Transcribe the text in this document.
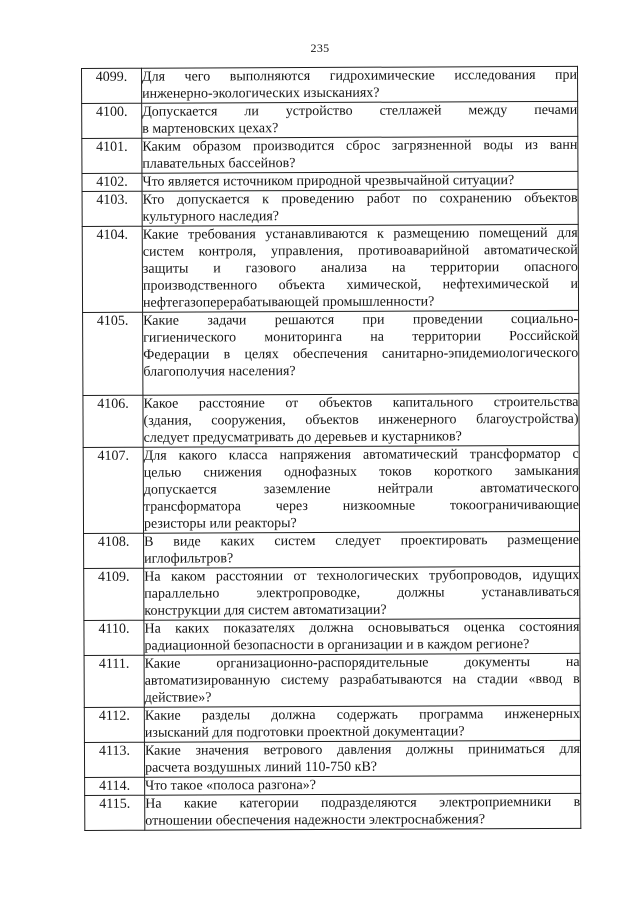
235
4099.	Для чего выполняются гидрохимические исследования при
инженерно-экологических изысканиях?

4100.	Допускается ли устройство стеллажей между печами
в мартеновских цехах?

4101.	Каким образом производится сброс загрязненной воды из ванн
плавательных бассейнов?

4102.	Что является источником природной чрезвычайной ситуации?

4103.	Кто допускается к проведению работ по сохранению объектов
культурного наследия?

4104.	Какие требования устанавливаются к размещению помещений для
систем контроля, управления, противоаварийной автоматической
защиты и газового анализа на территории опасного
производственного объекта химической, нефтехимической и
нефтегазоперерабатывающей промышленности?

4105.	Какие задачи решаются при проведении социально-
гигиенического мониторинга на территории Российской
Федерации в целях обеспечения санитарно-эпидемиологического
благополучия населения?

4106.	Какое расстояние от объектов капитального строительства
(здания, сооружения, объектов инженерного благоустройства)
следует предусматривать до деревьев и кустарников?

4107.	Для какого класса напряжения автоматический трансформатор с
целью снижения однофазных токов короткого замыкания
допускается заземление нейтрали автоматического
трансформатора через низкоомные токоограничивающие
резисторы или реакторы?

4108.	В виде каких систем следует проектировать размещение
иглофильтров?

4109.	На каком расстоянии от технологических трубопроводов, идущих
параллельно электропроводке, должны устанавливаться
конструкции для систем автоматизации?

4110.	На каких показателях должна основываться оценка состояния
радиационной безопасности в организации и в каждом регионе?

4111.	Какие организационно-распорядительные документы на
автоматизированную систему разрабатываются на стадии «ввод в
действие»?

4112.	Какие разделы должна содержать программа инженерных
изысканий для подготовки проектной документации?

4113.	Какие значения ветрового давления должны приниматься для
расчета воздушных линий 110-750 кВ?

4114.	Что такое «полоса разгона»?

4115.	На какие категории подразделяются электроприемники в
отношении обеспечения надежности электроснабжения?
